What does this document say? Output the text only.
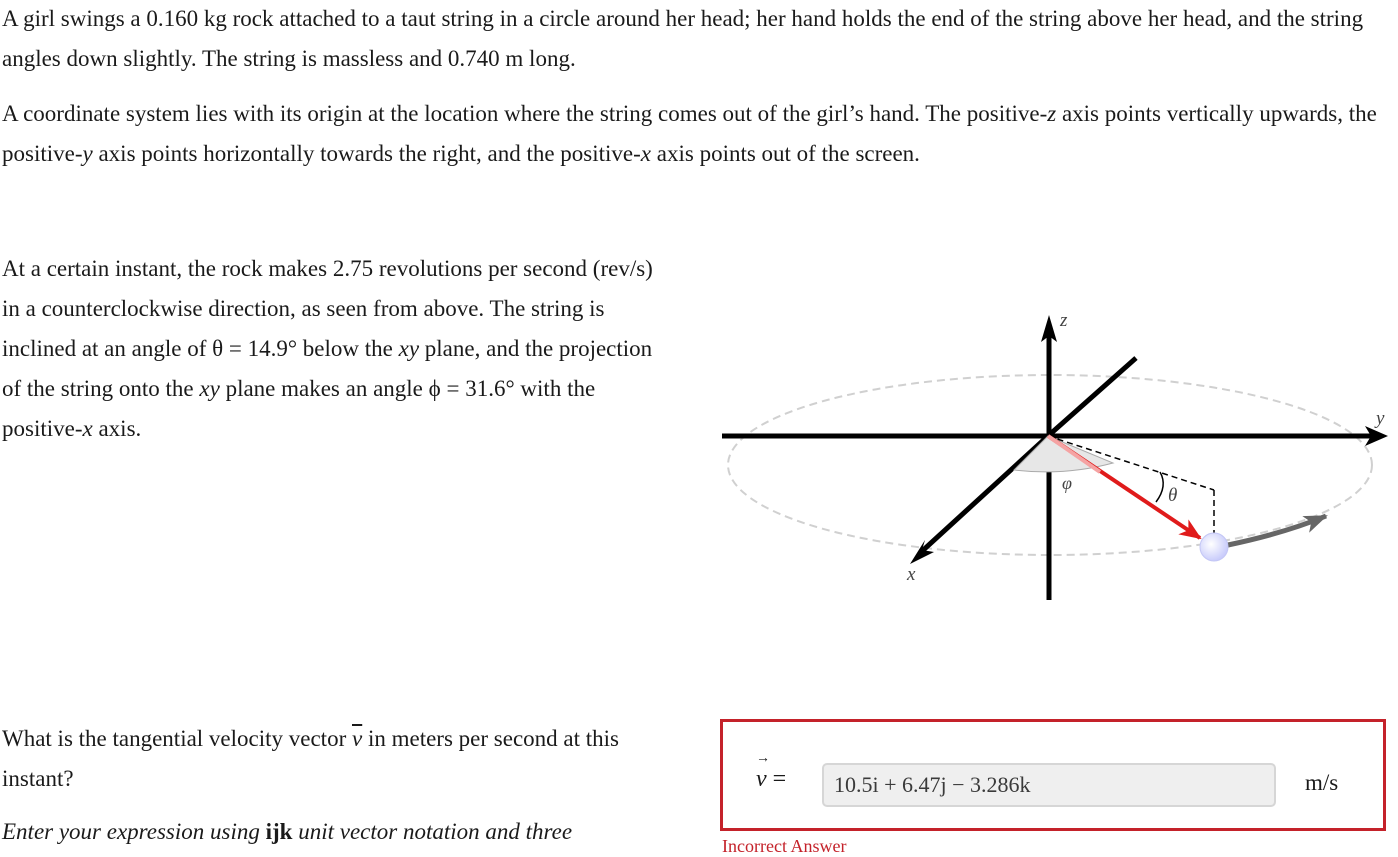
A girl swings a 0.160 kg rock attached to a taut string in a circle around her head; her hand holds the end of the string above her head, and the string angles down slightly. The string is massless and 0.740 m long.

A coordinate system lies with its origin at the location where the string comes out of the girl’s hand. The positive-z axis points vertically upwards, the positive-y axis points horizontally towards the right, and the positive-x axis points out of the screen.

At a certain instant, the rock makes 2.75 revolutions per second (rev/s) in a counterclockwise direction, as seen from above. The string is inclined at an angle of θ = 14.9° below the xy plane, and the projection of the string onto the xy plane makes an angle ϕ = 31.6° with the positive-x axis.

z
y
x
φ
θ

What is the tangential velocity vector $\overline{v}$ in meters per second at this instant?

Enter your expression using ijk unit vector notation and three

→ v =	10.5i + 6.47j − 3.286k	m/s
Incorrect Answer
